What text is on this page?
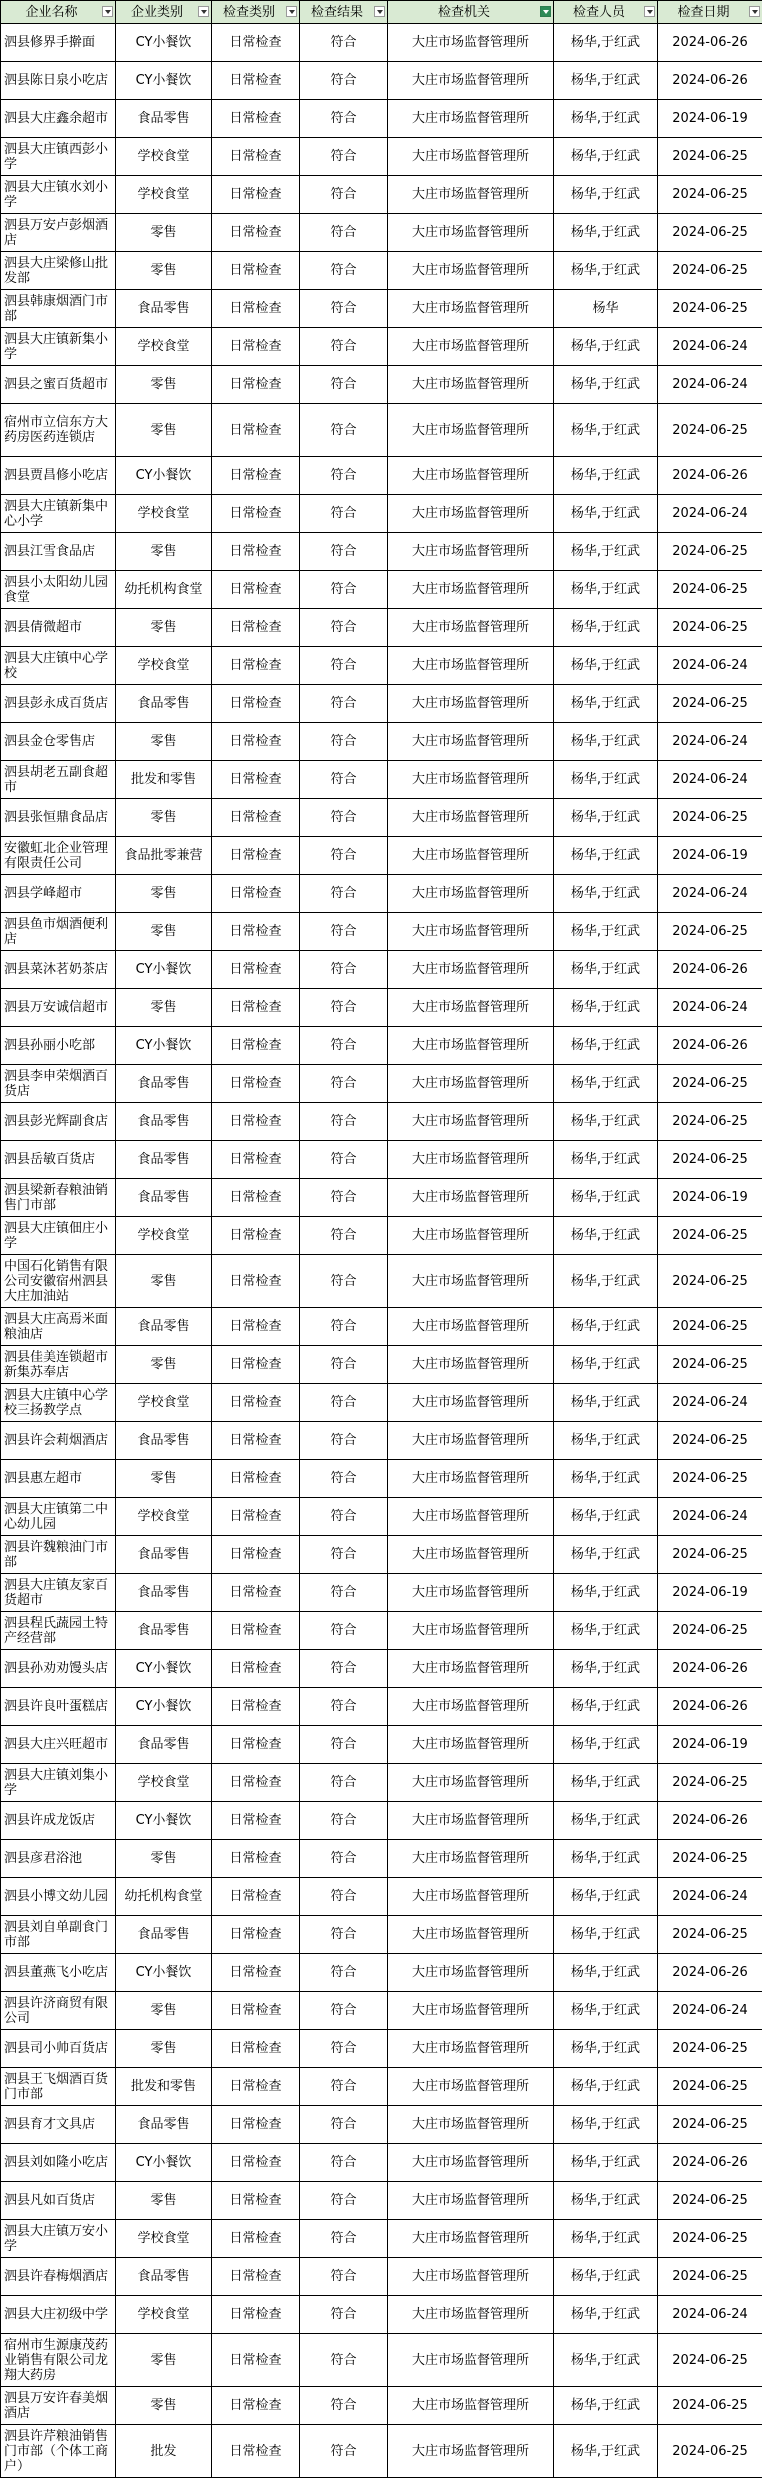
企业名称	企业类别	检查类别	检查结果	检查机关	检查人员	检查日期

泗县修界手擀面	CY小餐饮	日常检查	符合	大庄市场监督管理所	杨华,于红武	2024-06-26
泗县陈日泉小吃店	CY小餐饮	日常检查	符合	大庄市场监督管理所	杨华,于红武	2024-06-26
泗县大庄鑫余超市	食品零售	日常检查	符合	大庄市场监督管理所	杨华,于红武	2024-06-19
泗县大庄镇西彭小学	学校食堂	日常检查	符合	大庄市场监督管理所	杨华,于红武	2024-06-25
泗县大庄镇水刘小学	学校食堂	日常检查	符合	大庄市场监督管理所	杨华,于红武	2024-06-25
泗县万安卢彭烟酒店	零售	日常检查	符合	大庄市场监督管理所	杨华,于红武	2024-06-25
泗县大庄梁修山批发部	零售	日常检查	符合	大庄市场监督管理所	杨华,于红武	2024-06-25
泗县韩康烟酒门市部	食品零售	日常检查	符合	大庄市场监督管理所	杨华	2024-06-25
泗县大庄镇新集小学	学校食堂	日常检查	符合	大庄市场监督管理所	杨华,于红武	2024-06-24
泗县之蜜百货超市	零售	日常检查	符合	大庄市场监督管理所	杨华,于红武	2024-06-24
宿州市立信东方大药房医药连锁店	零售	日常检查	符合	大庄市场监督管理所	杨华,于红武	2024-06-25
泗县贾昌修小吃店	CY小餐饮	日常检查	符合	大庄市场监督管理所	杨华,于红武	2024-06-26
泗县大庄镇新集中心小学	学校食堂	日常检查	符合	大庄市场监督管理所	杨华,于红武	2024-06-24
泗县江雪食品店	零售	日常检查	符合	大庄市场监督管理所	杨华,于红武	2024-06-25
泗县小太阳幼儿园食堂	幼托机构食堂	日常检查	符合	大庄市场监督管理所	杨华,于红武	2024-06-25
泗县倩微超市	零售	日常检查	符合	大庄市场监督管理所	杨华,于红武	2024-06-25
泗县大庄镇中心学校	学校食堂	日常检查	符合	大庄市场监督管理所	杨华,于红武	2024-06-24
泗县彭永成百货店	食品零售	日常检查	符合	大庄市场监督管理所	杨华,于红武	2024-06-25
泗县金仓零售店	零售	日常检查	符合	大庄市场监督管理所	杨华,于红武	2024-06-24
泗县胡老五副食超市	批发和零售	日常检查	符合	大庄市场监督管理所	杨华,于红武	2024-06-24
泗县张恒鼎食品店	零售	日常检查	符合	大庄市场监督管理所	杨华,于红武	2024-06-25
安徽虹北企业管理有限责任公司	食品批零兼营	日常检查	符合	大庄市场监督管理所	杨华,于红武	2024-06-19
泗县学峰超市	零售	日常检查	符合	大庄市场监督管理所	杨华,于红武	2024-06-24
泗县鱼市烟酒便利店	零售	日常检查	符合	大庄市场监督管理所	杨华,于红武	2024-06-25
泗县菜沐茗奶茶店	CY小餐饮	日常检查	符合	大庄市场监督管理所	杨华,于红武	2024-06-26
泗县万安诚信超市	零售	日常检查	符合	大庄市场监督管理所	杨华,于红武	2024-06-24
泗县孙丽小吃部	CY小餐饮	日常检查	符合	大庄市场监督管理所	杨华,于红武	2024-06-26
泗县李申荣烟酒百货店	食品零售	日常检查	符合	大庄市场监督管理所	杨华,于红武	2024-06-25
泗县彭光辉副食店	食品零售	日常检查	符合	大庄市场监督管理所	杨华,于红武	2024-06-25
泗县岳敏百货店	食品零售	日常检查	符合	大庄市场监督管理所	杨华,于红武	2024-06-25
泗县梁新春粮油销售门市部	食品零售	日常检查	符合	大庄市场监督管理所	杨华,于红武	2024-06-19
泗县大庄镇佃庄小学	学校食堂	日常检查	符合	大庄市场监督管理所	杨华,于红武	2024-06-25
中国石化销售有限公司安徽宿州泗县大庄加油站	零售	日常检查	符合	大庄市场监督管理所	杨华,于红武	2024-06-25
泗县大庄高焉米面粮油店	食品零售	日常检查	符合	大庄市场监督管理所	杨华,于红武	2024-06-25
泗县佳美连锁超市新集苏奉店	零售	日常检查	符合	大庄市场监督管理所	杨华,于红武	2024-06-25
泗县大庄镇中心学校三扬教学点	学校食堂	日常检查	符合	大庄市场监督管理所	杨华,于红武	2024-06-24
泗县许会莉烟酒店	食品零售	日常检查	符合	大庄市场监督管理所	杨华,于红武	2024-06-25
泗县惠左超市	零售	日常检查	符合	大庄市场监督管理所	杨华,于红武	2024-06-25
泗县大庄镇第二中心幼儿园	学校食堂	日常检查	符合	大庄市场监督管理所	杨华,于红武	2024-06-24
泗县许魏粮油门市部	食品零售	日常检查	符合	大庄市场监督管理所	杨华,于红武	2024-06-25
泗县大庄镇友家百货超市	食品零售	日常检查	符合	大庄市场监督管理所	杨华,于红武	2024-06-19
泗县程氏蔬园土特产经营部	食品零售	日常检查	符合	大庄市场监督管理所	杨华,于红武	2024-06-25
泗县孙劝劝馒头店	CY小餐饮	日常检查	符合	大庄市场监督管理所	杨华,于红武	2024-06-26
泗县许良叶蛋糕店	CY小餐饮	日常检查	符合	大庄市场监督管理所	杨华,于红武	2024-06-26
泗县大庄兴旺超市	食品零售	日常检查	符合	大庄市场监督管理所	杨华,于红武	2024-06-19
泗县大庄镇刘集小学	学校食堂	日常检查	符合	大庄市场监督管理所	杨华,于红武	2024-06-25
泗县许成龙饭店	CY小餐饮	日常检查	符合	大庄市场监督管理所	杨华,于红武	2024-06-26
泗县彦君浴池	零售	日常检查	符合	大庄市场监督管理所	杨华,于红武	2024-06-25
泗县小博文幼儿园	幼托机构食堂	日常检查	符合	大庄市场监督管理所	杨华,于红武	2024-06-24
泗县刘自单副食门市部	食品零售	日常检查	符合	大庄市场监督管理所	杨华,于红武	2024-06-25
泗县董燕飞小吃店	CY小餐饮	日常检查	符合	大庄市场监督管理所	杨华,于红武	2024-06-26
泗县许济商贸有限公司	零售	日常检查	符合	大庄市场监督管理所	杨华,于红武	2024-06-24
泗县司小帅百货店	零售	日常检查	符合	大庄市场监督管理所	杨华,于红武	2024-06-25
泗县王飞烟酒百货门市部	批发和零售	日常检查	符合	大庄市场监督管理所	杨华,于红武	2024-06-25
泗县育才文具店	食品零售	日常检查	符合	大庄市场监督管理所	杨华,于红武	2024-06-25
泗县刘如隆小吃店	CY小餐饮	日常检查	符合	大庄市场监督管理所	杨华,于红武	2024-06-26
泗县凡如百货店	零售	日常检查	符合	大庄市场监督管理所	杨华,于红武	2024-06-25
泗县大庄镇万安小学	学校食堂	日常检查	符合	大庄市场监督管理所	杨华,于红武	2024-06-25
泗县许春梅烟酒店	食品零售	日常检查	符合	大庄市场监督管理所	杨华,于红武	2024-06-25
泗县大庄初级中学	学校食堂	日常检查	符合	大庄市场监督管理所	杨华,于红武	2024-06-24
宿州市生源康茂药业销售有限公司龙翔大药房	零售	日常检查	符合	大庄市场监督管理所	杨华,于红武	2024-06-25
泗县万安许春美烟酒店	零售	日常检查	符合	大庄市场监督管理所	杨华,于红武	2024-06-25
泗县许芹粮油销售门市部（个体工商户）	批发	日常检查	符合	大庄市场监督管理所	杨华,于红武	2024-06-25
